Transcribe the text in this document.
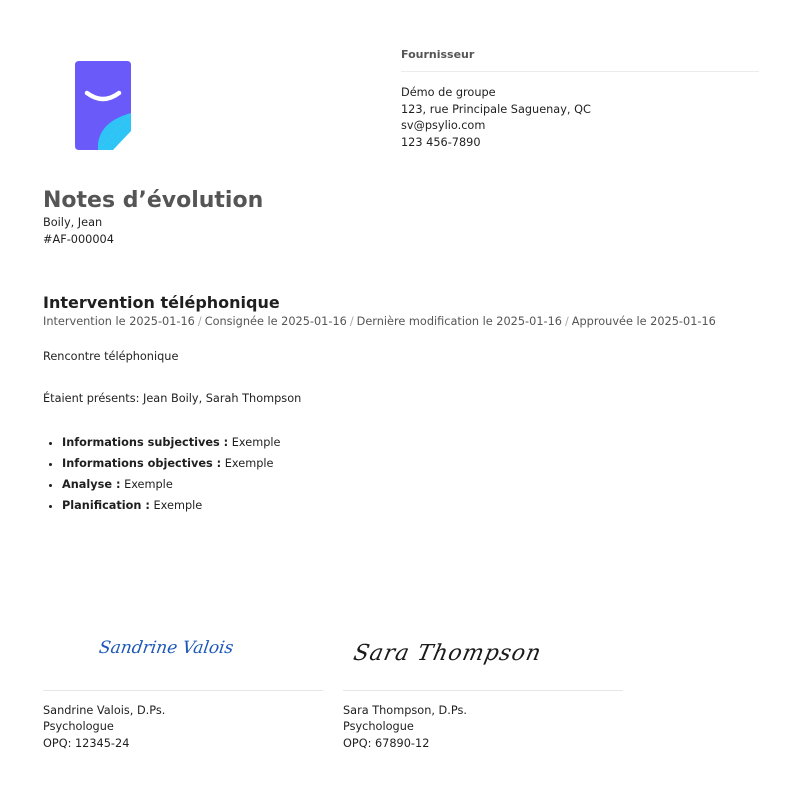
Fournisseur
Démo de groupe
123, rue Principale Saguenay, QC
sv@psylio.com
123 456-7890
Notes d’évolution
Boily, Jean
#AF-000004
Intervention téléphonique
Intervention le 2025-01-16 / Consignée le 2025-01-16 / Dernière modification le 2025-01-16 / Approuvée le 2025-01-16
Rencontre téléphonique
Étaient présents: Jean Boily, Sarah Thompson
• Informations subjectives : Exemple
• Informations objectives : Exemple
• Analyse : Exemple
• Planification : Exemple
Sandrine Valois
Sandrine Valois, D.Ps.
Psychologue
OPQ: 12345-24
Sara Thompson
Sara Thompson, D.Ps.
Psychologue
OPQ: 67890-12
